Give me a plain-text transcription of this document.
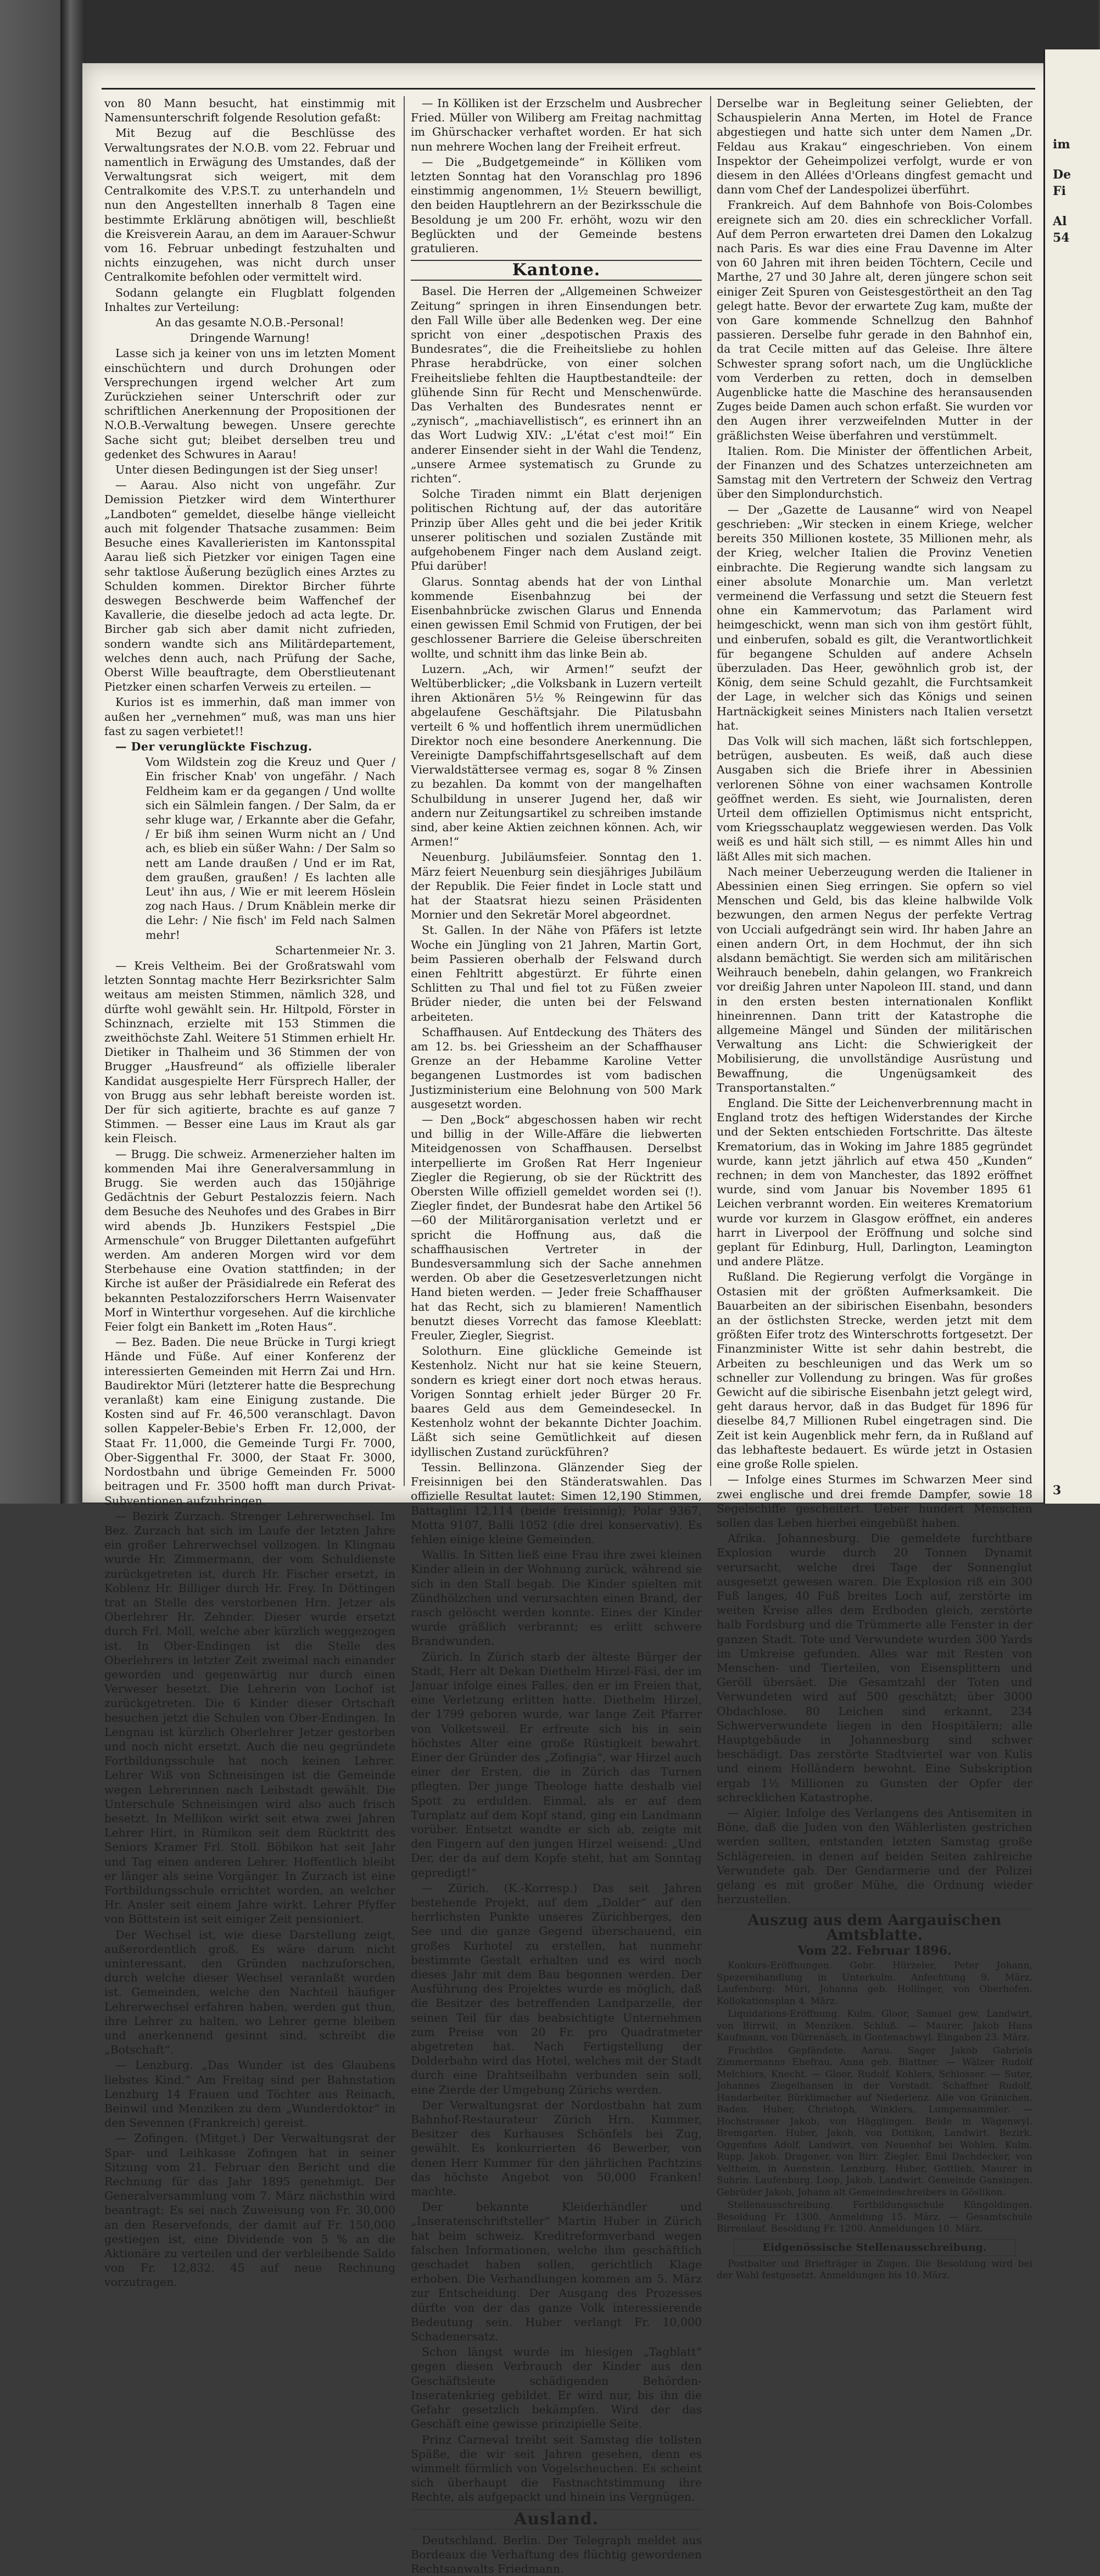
im
De
Fi
Al
54
3

von 80 Mann besucht, hat einstimmig mit Namensunterschrift folgende Resolution gefaßt:

Mit Bezug auf die Beschlüsse des Verwaltungsrates der N.O.B. vom 22. Februar und namentlich in Erwägung des Umstandes, daß der Verwaltungsrat sich weigert, mit dem Centralkomite des V.P.S.T. zu unterhandeln und nun den Angestellten innerhalb 8 Tagen eine bestimmte Erklärung abnötigen will, beschließt die Kreisverein Aarau, an dem im Aarauer-Schwur vom 16. Februar unbedingt festzuhalten und nichts einzugehen, was nicht durch unser Centralkomite befohlen oder vermittelt wird.

Sodann gelangte ein Flugblatt folgenden Inhaltes zur Verteilung:

An das gesamte N.O.B.-Personal!

Dringende Warnung!

Lasse sich ja keiner von uns im letzten Moment einschüchtern und durch Drohungen oder Versprechungen irgend welcher Art zum Zurückziehen seiner Unterschrift oder zur schriftlichen Anerkennung der Propositionen der N.O.B.-Verwaltung bewegen. Unsere gerechte Sache sicht gut; bleibet derselben treu und gedenket des Schwures in Aarau!

Unter diesen Bedingungen ist der Sieg unser!

— Aarau. Also nicht von ungefähr. Zur Demission Pietzker wird dem Winterthurer „Landboten“ gemeldet, dieselbe hänge vielleicht auch mit folgender Thatsache zusammen: Beim Besuche eines Kavallerieristen im Kantonsspital Aarau ließ sich Pietzker vor einigen Tagen eine sehr taktlose Äußerung bezüglich eines Arztes zu Schulden kommen. Direktor Bircher führte deswegen Beschwerde beim Waffenchef der Kavallerie, die dieselbe jedoch ad acta legte. Dr. Bircher gab sich aber damit nicht zufrieden, sondern wandte sich ans Militärdepartement, welches denn auch, nach Prüfung der Sache, Oberst Wille beauftragte, dem Oberstlieutenant Pietzker einen scharfen Verweis zu erteilen. —

Kurios ist es immerhin, daß man immer von außen her „vernehmen“ muß, was man uns hier fast zu sagen verbietet!!

— Der verunglückte Fischzug.

Vom Wildstein zog die Kreuz und Quer / Ein frischer Knab' von ungefähr. / Nach Feldheim kam er da gegangen / Und wollte sich ein Sälmlein fangen. / Der Salm, da er sehr kluge war, / Erkannte aber die Gefahr, / Er biß ihm seinen Wurm nicht an / Und ach, es blieb ein süßer Wahn: / Der Salm so nett am Lande draußen / Und er im Rat, dem graußen, graußen! / Es lachten alle Leut' ihn aus, / Wie er mit leerem Höslein zog nach Haus. / Drum Knäblein merke dir die Lehr: / Nie fisch' im Feld nach Salmen mehr!

Schartenmeier Nr. 3.

— Kreis Veltheim. Bei der Großratswahl vom letzten Sonntag machte Herr Bezirksrichter Salm weitaus am meisten Stimmen, nämlich 328, und dürfte wohl gewählt sein. Hr. Hiltpold, Förster in Schinznach, erzielte mit 153 Stimmen die zweithöchste Zahl. Weitere 51 Stimmen erhielt Hr. Dietiker in Thalheim und 36 Stimmen der von Brugger „Hausfreund“ als offizielle liberaler Kandidat ausgespielte Herr Fürsprech Haller, der von Brugg aus sehr lebhaft bereiste worden ist. Der für sich agitierte, brachte es auf ganze 7 Stimmen. — Besser eine Laus im Kraut als gar kein Fleisch.

— Brugg. Die schweiz. Armenerzieher halten im kommenden Mai ihre Generalversammlung in Brugg. Sie werden auch das 150jährige Gedächtnis der Geburt Pestalozzis feiern. Nach dem Besuche des Neuhofes und des Grabes in Birr wird abends Jb. Hunzikers Festspiel „Die Armenschule“ von Brugger Dilettanten aufgeführt werden. Am anderen Morgen wird vor dem Sterbehause eine Ovation stattfinden; in der Kirche ist außer der Präsidialrede ein Referat des bekannten Pestalozziforschers Herrn Waisenvater Morf in Winterthur vorgesehen. Auf die kirchliche Feier folgt ein Bankett im „Roten Haus“.

— Bez. Baden. Die neue Brücke in Turgi kriegt Hände und Füße. Auf einer Konferenz der interessierten Gemeinden mit Herrn Zai und Hrn. Baudirektor Müri (letzterer hatte die Besprechung veranlaßt) kam eine Einigung zustande. Die Kosten sind auf Fr. 46,500 veranschlagt. Davon sollen Kappeler-Bebie's Erben Fr. 12,000, der Staat Fr. 11,000, die Gemeinde Turgi Fr. 7000, Ober-Siggenthal Fr. 3000, der Staat Fr. 3000, Nordostbahn und übrige Gemeinden Fr. 5000 beitragen und Fr. 3500 hofft man durch Privat-Subventionen aufzubringen.

— Bezirk Zurzach. Strenger Lehrerwechsel. Im Bez. Zurzach hat sich im Laufe der letzten Jahre ein großer Lehrerwechsel vollzogen. In Klingnau wurde Hr. Zimmermann, der vom Schuldienste zurückgetreten ist, durch Hr. Fischer ersetzt, in Koblenz Hr. Billiger durch Hr. Frey. In Döttingen trat an Stelle des verstorbenen Hrn. Jetzer als Oberlehrer Hr. Zehnder. Dieser wurde ersetzt durch Frl. Moll, welche aber kürzlich weggezogen ist. In Ober-Endingen ist die Stelle des Oberlehrers in letzter Zeit zweimal nach einander geworden und gegenwärtig nur durch einen Verweser besetzt. Die Lehrerin von Lochof ist zurückgetreten. Die 6 Kinder dieser Ortschaft besuchen jetzt die Schulen von Ober-Endingen. In Lengnau ist kürzlich Oberlehrer Jetzer gestorben und noch nicht ersetzt. Auch die neu gegründete Fortbildungsschule hat noch keinen Lehrer. Lehrer Wiß von Schneisingen ist die Gemeinde wegen Lehrerinnen nach Leibstadt gewählt. Die Unterschule Schneisingen wird also auch frisch besetzt. In Mellikon wirkt seit etwa zwei Jahren Lehrer Hirt, in Rümikon seit dem Rücktritt des Seniors Kramer Frl. Stoll. Böbikon hat seit Jahr und Tag einen anderen Lehrer. Hoffentlich bleibt er länger als seine Vorgänger. In Zurzach ist eine Fortbildungsschule errichtet worden, an welcher Hr. Ansler seit einem Jahre wirkt. Lehrer Pfyffer von Böttstein ist seit einiger Zeit pensioniert.

Der Wechsel ist, wie diese Darstellung zeigt, außerordentlich groß. Es wäre darum nicht uninteressant, den Gründen nachzuforschen, durch welche dieser Wechsel veranlaßt worden ist. Gemeinden, welche den Nachteil häufiger Lehrerwechsel erfahren haben, werden gut thun, ihre Lehrer zu halten, wo Lehrer gerne bleiben und anerkennend gesinnt sind, schreibt die „Botschaft“.

— Lenzburg. „Das Wunder ist des Glaubens liebstes Kind.“ Am Freitag sind per Bahnstation Lenzburg 14 Frauen und Töchter aus Reinach, Beinwil und Menziken zu dem „Wunderdoktor“ in den Sevennen (Frankreich) gereist.

— Zofingen. (Mitget.) Der Verwaltungsrat der Spar- und Leihkasse Zofingen hat in seiner Sitzung vom 21. Februar den Bericht und die Rechnung für das Jahr 1895 genehmigt. Der Generalversammlung vom 7. März nächsthin wird beantragt: Es sei nach Zuweisung von Fr. 30,000 an den Reservefonds, der damit auf Fr. 150,000 gestiegen ist, eine Dividende von 5 % an die Aktionäre zu verteilen und der verbleibende Saldo von Fr. 12,832. 45 auf neue Rechnung vorzutragen.

— In Kölliken ist der Erzschelm und Ausbrecher Fried. Müller von Wiliberg am Freitag nachmittag im Ghürschacker verhaftet worden. Er hat sich nun mehrere Wochen lang der Freiheit erfreut.

— Die „Budgetgemeinde“ in Kölliken vom letzten Sonntag hat den Voranschlag pro 1896 einstimmig angenommen, 1½ Steuern bewilligt, den beiden Hauptlehrern an der Bezirksschule die Besoldung je um 200 Fr. erhöht, wozu wir den Beglückten und der Gemeinde bestens gratulieren.

Kantone.

Basel. Die Herren der „Allgemeinen Schweizer Zeitung“ springen in ihren Einsendungen betr. den Fall Wille über alle Bedenken weg. Der eine spricht von einer „despotischen Praxis des Bundesrates“, die die Freiheitsliebe zu hohlen Phrase herabdrücke, von einer solchen Freiheitsliebe fehlten die Hauptbestandteile: der glühende Sinn für Recht und Menschenwürde. Das Verhalten des Bundesrates nennt er „zynisch“, „machiavellistisch“, es erinnert ihn an das Wort Ludwig XIV.: „L'état c'est moi!“ Ein anderer Einsender sieht in der Wahl die Tendenz, „unsere Armee systematisch zu Grunde zu richten“.

Solche Tiraden nimmt ein Blatt derjenigen politischen Richtung auf, der das autoritäre Prinzip über Alles geht und die bei jeder Kritik unserer politischen und sozialen Zustände mit aufgehobenem Finger nach dem Ausland zeigt. Pfui darüber!

Glarus. Sonntag abends hat der von Linthal kommende Eisenbahnzug bei der Eisenbahnbrücke zwischen Glarus und Ennenda einen gewissen Emil Schmid von Frutigen, der bei geschlossener Barriere die Geleise überschreiten wollte, und schnitt ihm das linke Bein ab.

Luzern. „Ach, wir Armen!“ seufzt der Weltüberblicker; „die Volksbank in Luzern verteilt ihren Aktionären 5½ % Reingewinn für das abgelaufene Geschäftsjahr. Die Pilatusbahn verteilt 6 % und hoffentlich ihrem unermüdlichen Direktor noch eine besondere Anerkennung. Die Vereinigte Dampfschiffahrtsgesellschaft auf dem Vierwaldstättersee vermag es, sogar 8 % Zinsen zu bezahlen. Da kommt von der mangelhaften Schulbildung in unserer Jugend her, daß wir andern nur Zeitungsartikel zu schreiben imstande sind, aber keine Aktien zeichnen können. Ach, wir Armen!“

Neuenburg. Jubiläumsfeier. Sonntag den 1. März feiert Neuenburg sein diesjähriges Jubiläum der Republik. Die Feier findet in Locle statt und hat der Staatsrat hiezu seinen Präsidenten Mornier und den Sekretär Morel abgeordnet.

St. Gallen. In der Nähe von Pfäfers ist letzte Woche ein Jüngling von 21 Jahren, Martin Gort, beim Passieren oberhalb der Felswand durch einen Fehltritt abgestürzt. Er führte einen Schlitten zu Thal und fiel tot zu Füßen zweier Brüder nieder, die unten bei der Felswand arbeiteten.

Schaffhausen. Auf Entdeckung des Thäters des am 12. bs. bei Griessheim an der Schaffhauser Grenze an der Hebamme Karoline Vetter begangenen Lustmordes ist vom badischen Justizministerium eine Belohnung von 500 Mark ausgesetzt worden.

— Den „Bock“ abgeschossen haben wir recht und billig in der Wille-Affäre die liebwerten Miteidgenossen von Schaffhausen. Derselbst interpellierte im Großen Rat Herr Ingenieur Ziegler die Regierung, ob sie der Rücktritt des Obersten Wille offiziell gemeldet worden sei (!). Ziegler findet, der Bundesrat habe den Artikel 56—60 der Militärorganisation verletzt und er spricht die Hoffnung aus, daß die schaffhausischen Vertreter in der Bundesversammlung sich der Sache annehmen werden. Ob aber die Gesetzesverletzungen nicht Hand bieten werden. — Jeder freie Schaffhauser hat das Recht, sich zu blamieren! Namentlich benutzt dieses Vorrecht das famose Kleeblatt: Freuler, Ziegler, Siegrist.

Solothurn. Eine glückliche Gemeinde ist Kestenholz. Nicht nur hat sie keine Steuern, sondern es kriegt einer dort noch etwas heraus. Vorigen Sonntag erhielt jeder Bürger 20 Fr. baares Geld aus dem Gemeindeseckel. In Kestenholz wohnt der bekannte Dichter Joachim. Läßt sich seine Gemütlichkeit auf diesen idyllischen Zustand zurückführen?

Tessin. Bellinzona. Glänzender Sieg der Freisinnigen bei den Ständeratswahlen. Das offizielle Resultat lautet: Simen 12,190 Stimmen, Battaglini 12,114 (beide freisinnig); Polar 9367, Motta 9107, Balli 1052 (die drei konservativ). Es fehlen einige kleine Gemeinden.

Wallis. In Sitten ließ eine Frau ihre zwei kleinen Kinder allein in der Wohnung zurück, während sie sich in den Stall begab. Die Kinder spielten mit Zündhölzchen und verursachten einen Brand, der rasch gelöscht werden konnte. Eines der Kinder wurde gräßlich verbrannt; es erlitt schwere Brandwunden.

Zürich. In Zürich starb der älteste Bürger der Stadt, Herr alt Dekan Diethelm Hirzel-Fäsi, der im Januar infolge eines Falles, den er im Freien that, eine Verletzung erlitten hatte. Diethelm Hirzel, der 1799 geboren wurde, war lange Zeit Pfarrer von Volketsweil. Er erfreute sich bis in sein höchstes Alter eine große Rüstigkeit bewahrt. Einer der Gründer des „Zofingia“, war Hirzel auch einer der Ersten, die in Zürich das Turnen pflegten. Der junge Theologe hatte deshalb viel Spott zu erdulden. Einmal, als er auf dem Turnplatz auf dem Kopf stand, ging ein Landmann vorüber. Entsetzt wandte er sich ab, zeigte mit den Fingern auf den jungen Hirzel weisend: „Und Der, der da auf dem Kopfe steht, hat am Sonntag gepredigt!“

— Zürich. (K.-Korresp.) Das seit Jahren bestehende Projekt, auf dem „Dolder“ auf den herrlichsten Punkte unseres Zürichberges, den See und die ganze Gegend überschauend, ein großes Kurhotel zu erstellen, hat nunmehr bestimmte Gestalt erhalten und es wird noch dieses Jahr mit dem Bau begonnen werden. Der Ausführung des Projektes wurde es möglich, daß die Besitzer des betreffenden Landparzelle, der seinen Teil für das beabsichtigte Unternehmen zum Preise von 20 Fr. pro Quadratmeter abgetreten hat. Nach Fertigstellung der Dolderbahn wird das Hotel, welches mit der Stadt durch eine Drahtseilbahn verbunden sein soll, eine Zierde der Umgebung Zürichs werden.

Der Verwaltungsrat der Nordostbahn hat zum Bahnhof-Restaurateur Zürich Hrn. Kummer, Besitzer des Kurhauses Schönfels bei Zug, gewählt. Es konkurrierten 46 Bewerber, von denen Herr Kummer für den jährlichen Pachtzins das höchste Angebot von 50,000 Franken! machte.

Der bekannte Kleiderhändler und „Inseratenschriftsteller“ Martin Huber in Zürich hat beim schweiz. Kreditreformverband wegen falschen Informationen, welche ihm geschäftlich geschadet haben sollen, gerichtlich Klage erhoben. Die Verhandlungen kommen am 5. März zur Entscheidung. Der Ausgang des Prozesses dürfte von der das ganze Volk interessierende Bedeutung sein. Huber verlangt Fr. 10,000 Schadenersatz.

Schon längst wurde im hiesigen „Tagblatt“ gegen diesen Verbrauch der Kinder aus den Geschäftsleute schädigenden Behörden-Inseratenkrieg gebildet. Er wird nur, bis ihn die Gefahr gesetzlich bekämpfen. Wird der das Geschäft eine gewisse prinzipielle Seite.

Prinz Carneval treibt seit Samstag die tollsten Späße, die wir seit Jahren gesehen, denn es wimmelt förmlich von Vogelscheuchen. Es scheint sich überhaupt die Fastnachtstimmung ihre Rechte, als aufgepackt und hinein ins Vergnügen.

Ausland.

Deutschland. Berlin. Der Telegraph meldet aus Bordeaux die Verhaftung des flüchtig gewordenen Rechtsanwalts Friedmann.

Derselbe war in Begleitung seiner Geliebten, der Schauspielerin Anna Merten, im Hotel de France abgestiegen und hatte sich unter dem Namen „Dr. Feldau aus Krakau“ eingeschrieben. Von einem Inspektor der Geheimpolizei verfolgt, wurde er von diesem in den Allées d'Orleans dingfest gemacht und dann vom Chef der Landespolizei überführt.

Frankreich. Auf dem Bahnhofe von Bois-Colombes ereignete sich am 20. dies ein schrecklicher Vorfall. Auf dem Perron erwarteten drei Damen den Lokalzug nach Paris. Es war dies eine Frau Davenne im Alter von 60 Jahren mit ihren beiden Töchtern, Cecile und Marthe, 27 und 30 Jahre alt, deren jüngere schon seit einiger Zeit Spuren von Geistesgestörtheit an den Tag gelegt hatte. Bevor der erwartete Zug kam, mußte der von Gare kommende Schnellzug den Bahnhof passieren. Derselbe fuhr gerade in den Bahnhof ein, da trat Cecile mitten auf das Geleise. Ihre ältere Schwester sprang sofort nach, um die Unglückliche vom Verderben zu retten, doch in demselben Augenblicke hatte die Maschine des heransausenden Zuges beide Damen auch schon erfaßt. Sie wurden vor den Augen ihrer verzweifelnden Mutter in der gräßlichsten Weise überfahren und verstümmelt.

Italien. Rom. Die Minister der öffentlichen Arbeit, der Finanzen und des Schatzes unterzeichneten am Samstag mit den Vertretern der Schweiz den Vertrag über den Simplondurchstich.

— Der „Gazette de Lausanne“ wird von Neapel geschrieben: „Wir stecken in einem Kriege, welcher bereits 350 Millionen kostete, 35 Millionen mehr, als der Krieg, welcher Italien die Provinz Venetien einbrachte. Die Regierung wandte sich langsam zu einer absolute Monarchie um. Man verletzt vermeinend die Verfassung und setzt die Steuern fest ohne ein Kammervotum; das Parlament wird heimgeschickt, wenn man sich von ihm gestört fühlt, und einberufen, sobald es gilt, die Verantwortlichkeit für begangene Schulden auf andere Achseln überzuladen. Das Heer, gewöhnlich grob ist, der König, dem seine Schuld gezahlt, die Furchtsamkeit der Lage, in welcher sich das Königs und seinen Hartnäckigkeit seines Ministers nach Italien versetzt hat.

Das Volk will sich machen, läßt sich fortschleppen, betrügen, ausbeuten. Es weiß, daß auch diese Ausgaben sich die Briefe ihrer in Abessinien verlorenen Söhne von einer wachsamen Kontrolle geöffnet werden. Es sieht, wie Journalisten, deren Urteil dem offiziellen Optimismus nicht entspricht, vom Kriegsschauplatz weggewiesen werden. Das Volk weiß es und hält sich still, — es nimmt Alles hin und läßt Alles mit sich machen.

Nach meiner Ueberzeugung werden die Italiener in Abessinien einen Sieg erringen. Sie opfern so viel Menschen und Geld, bis das kleine halbwilde Volk bezwungen, den armen Negus der perfekte Vertrag von Ucciali aufgedrängt sein wird. Ihr haben Jahre an einen andern Ort, in dem Hochmut, der ihn sich alsdann bemächtigt. Sie werden sich am militärischen Weihrauch benebeln, dahin gelangen, wo Frankreich vor dreißig Jahren unter Napoleon III. stand, und dann in den ersten besten internationalen Konflikt hineinrennen. Dann tritt der Katastrophe die allgemeine Mängel und Sünden der militärischen Verwaltung ans Licht: die Schwierigkeit der Mobilisierung, die unvollständige Ausrüstung und Bewaffnung, die Ungenügsamkeit des Transportanstalten.“

England. Die Sitte der Leichenverbrennung macht in England trotz des heftigen Widerstandes der Kirche und der Sekten entschieden Fortschritte. Das älteste Krematorium, das in Woking im Jahre 1885 gegründet wurde, kann jetzt jährlich auf etwa 450 „Kunden“ rechnen; in dem von Manchester, das 1892 eröffnet wurde, sind vom Januar bis November 1895 61 Leichen verbrannt worden. Ein weiteres Krematorium wurde vor kurzem in Glasgow eröffnet, ein anderes harrt in Liverpool der Eröffnung und solche sind geplant für Edinburg, Hull, Darlington, Leamington und andere Plätze.

Rußland. Die Regierung verfolgt die Vorgänge in Ostasien mit der größten Aufmerksamkeit. Die Bauarbeiten an der sibirischen Eisenbahn, besonders an der östlichsten Strecke, werden jetzt mit dem größten Eifer trotz des Winterschrotts fortgesetzt. Der Finanzminister Witte ist sehr dahin bestrebt, die Arbeiten zu beschleunigen und das Werk um so schneller zur Vollendung zu bringen. Was für großes Gewicht auf die sibirische Eisenbahn jetzt gelegt wird, geht daraus hervor, daß in das Budget für 1896 für dieselbe 84,7 Millionen Rubel eingetragen sind. Die Zeit ist kein Augenblick mehr fern, da in Rußland auf das lebhafteste bedauert. Es würde jetzt in Ostasien eine große Rolle spielen.

— Infolge eines Sturmes im Schwarzen Meer sind zwei englische und drei fremde Dampfer, sowie 18 Segelschiffe gescheitert. Ueber hundert Menschen sollen das Leben hierbei eingebüßt haben.

Afrika. Johannesburg. Die gemeldete furchtbare Explosion wurde durch 20 Tonnen Dynamit verursacht, welche drei Tage der Sonnenglut ausgesetzt gewesen waren. Die Explosion riß ein 300 Fuß langes, 40 Fuß breites Loch auf, zerstörte im weiten Kreise alles dem Erdboden gleich, zerstörte halb Fordsburg und die Trümmerte alle Fenster in der ganzen Stadt. Tote und Verwundete wurden 300 Yards im Umkreise gefunden. Alles war mit Resten von Menschen- und Tierteilen, von Eisensplittern und Geröll übersäet. Die Gesamtzahl der Toten und Verwundeten wird auf 500 geschätzt; über 3000 Obdachlose. 80 Leichen sind erkannt, 234 Schwerverwundete liegen in den Hospitälern; alle Hauptgebäude in Johannesburg sind schwer beschädigt. Das zerstörte Stadtviertel war von Kulis und einem Holländern bewohnt. Eine Subskription ergab 1½ Millionen zu Gunsten der Opfer der schrecklichen Katastrophe.

— Algier. Infolge des Verlangens des Antisemiten in Böne, daß die Juden von den Wählerlisten gestrichen werden sollten, entstanden letzten Samstag große Schlägereien, in denen auf beiden Seiten zahlreiche Verwundete gab. Der Gendarmerie und der Polizei gelang es mit großer Mühe, die Ordnung wieder herzustellen.

Auszug aus dem Aargauischen Amtsblatte.
Vom 22. Februar 1896.

Konkurs-Eröffnungen. Gebr. Hürzeler, Peter Johann, Spezereihandlung in Unterkulm. Anfechtung 9. März. Laufenburg: Müri, Johanna geb. Hollinger, von Oberhofen. Kollokationsplan 4. März.

Liquidations-Eröffnung. Kulm. Gloor, Samuel gew. Landwirt, von Birrwil, in Menziken. Schluß. — Maurer, Jakob Hans Kaufmann, von Dürrenäsch, in Gontenschwyl. Eingaben 23. März.

Fruchtlos Gepfändete. Aarau. Sager Jakob Gabriels Zimmermanns Ehefrau, Anna geb. Blattner. — Wälzer Rudolf Melchiors, Knecht. — Gloor, Rudolf, Kohlers, Schlosser. — Suter, Johannes Ziegelhansen in der Vorstadt. Schaffner Rudolf, Handarbeiter. Bürklimacher auf Niederlenz. Alle von Gränichen. Baden. Huber, Christoph, Winklers, Lumpensammler. — Hochstrasser Jakob, von Hägglingen. Beide in Wägenwyl. Bremgarten. Huber, Jakob, von Dottikon, Landwirt. Bezirk. Oggenfuss Adolf, Landwirt, von Neuenhof bei Wohlen. Kulm. Rupp, Jakob, Dragoner, von Birr. Ziegler, Emil Dachdecker, von Veltheim, in Auenstein. Lenzburg. Huber, Gottlieb, Maurer in Suhrin. Laufenburg. Loop, Jakob, Landwirt. Gemeinde Gansingen. Gebrüder Jakob, Johann alt Gemeindeschreibers in Göslikon.

Stellenausschreibung. Fortbildungsschule Küngoldingen. Besoldung Fr. 1300. Anmeldung 15. März. — Gesamtschule Birrenlauf. Besoldung Fr. 1200. Anmeldungen 10. März.

Eidgenössische Stellenausschreibung.

Postbalter und Briefträger in Zugen. Die Besoldung wird bei der Wahl festgesetzt. Anmeldungen bis 10. März.
